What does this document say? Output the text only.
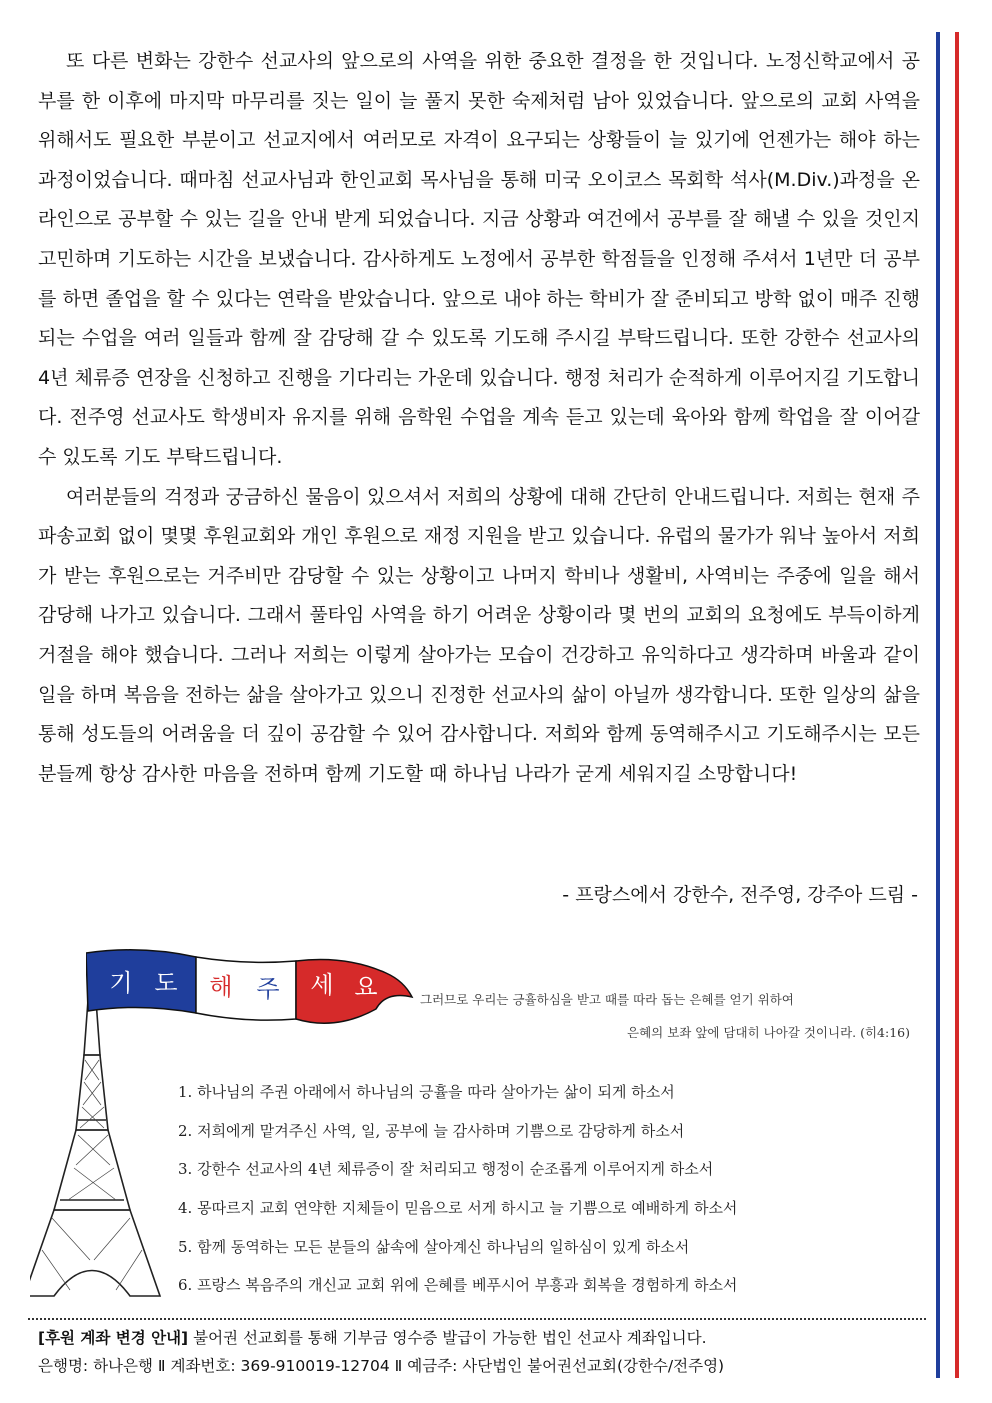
또 다른 변화는 강한수 선교사의 앞으로의 사역을 위한 중요한 결정을 한 것입니다. 노정신학교에서 공부를 한 이후에 마지막 마무리를 짓는 일이 늘 풀지 못한 숙제처럼 남아 있었습니다. 앞으로의 교회 사역을 위해서도 필요한 부분이고 선교지에서 여러모로 자격이 요구되는 상황들이 늘 있기에 언젠가는 해야 하는 과정이었습니다. 때마침 선교사님과 한인교회 목사님을 통해 미국 오이코스 목회학 석사(M.Div.)과정을 온라인으로 공부할 수 있는 길을 안내 받게 되었습니다. 지금 상황과 여건에서 공부를 잘 해낼 수 있을 것인지 고민하며 기도하는 시간을 보냈습니다. 감사하게도 노정에서 공부한 학점들을 인정해 주셔서 1년만 더 공부를 하면 졸업을 할 수 있다는 연락을 받았습니다. 앞으로 내야 하는 학비가 잘 준비되고 방학 없이 매주 진행되는 수업을 여러 일들과 함께 잘 감당해 갈 수 있도록 기도해 주시길 부탁드립니다. 또한 강한수 선교사의 4년 체류증 연장을 신청하고 진행을 기다리는 가운데 있습니다. 행정 처리가 순적하게 이루어지길 기도합니다. 전주영 선교사도 학생비자 유지를 위해 음학원 수업을 계속 듣고 있는데 육아와 함께 학업을 잘 이어갈 수 있도록 기도 부탁드립니다.

여러분들의 걱정과 궁금하신 물음이 있으셔서 저희의 상황에 대해 간단히 안내드립니다. 저희는 현재 주파송교회 없이 몇몇 후원교회와 개인 후원으로 재정 지원을 받고 있습니다. 유럽의 물가가 워낙 높아서 저희가 받는 후원으로는 거주비만 감당할 수 있는 상황이고 나머지 학비나 생활비, 사역비는 주중에 일을 해서 감당해 나가고 있습니다. 그래서 풀타임 사역을 하기 어려운 상황이라 몇 번의 교회의 요청에도 부득이하게 거절을 해야 했습니다. 그러나 저희는 이렇게 살아가는 모습이 건강하고 유익하다고 생각하며 바울과 같이 일을 하며 복음을 전하는 삶을 살아가고 있으니 진정한 선교사의 삶이 아닐까 생각합니다. 또한 일상의 삶을 통해 성도들의 어려움을 더 깊이 공감할 수 있어 감사합니다. 저희와 함께 동역해주시고 기도해주시는 모든 분들께 항상 감사한 마음을 전하며 함께 기도할 때 하나님 나라가 굳게 세워지길 소망합니다!

- 프랑스에서 강한수, 전주영, 강주아 드림 -
기 도 해 주 세 요	그러므로 우리는 긍휼하심을 받고 때를 따라 돕는 은혜를 얻기 위하여
은혜의 보좌 앞에 담대히 나아갈 것이니라. (히4:16)
1. 하나님의 주권 아래에서 하나님의 긍휼을 따라 살아가는 삶이 되게 하소서
2. 저희에게 맡겨주신 사역, 일, 공부에 늘 감사하며 기쁨으로 감당하게 하소서
3. 강한수 선교사의 4년 체류증이 잘 처리되고 행정이 순조롭게 이루어지게 하소서
4. 몽따르지 교회 연약한 지체들이 믿음으로 서게 하시고 늘 기쁨으로 예배하게 하소서
5. 함께 동역하는 모든 분들의 삶속에 살아계신 하나님의 일하심이 있게 하소서
6. 프랑스 복음주의 개신교 교회 위에 은혜를 베푸시어 부흥과 회복을 경험하게 하소서
[후원 계좌 변경 안내] 불어권 선교회를 통해 기부금 영수증 발급이 가능한 법인 선교사 계좌입니다.
은행명: 하나은행 Ⅱ 계좌번호: 369-910019-12704 Ⅱ 예금주: 사단법인 불어권선교회(강한수/전주영)
